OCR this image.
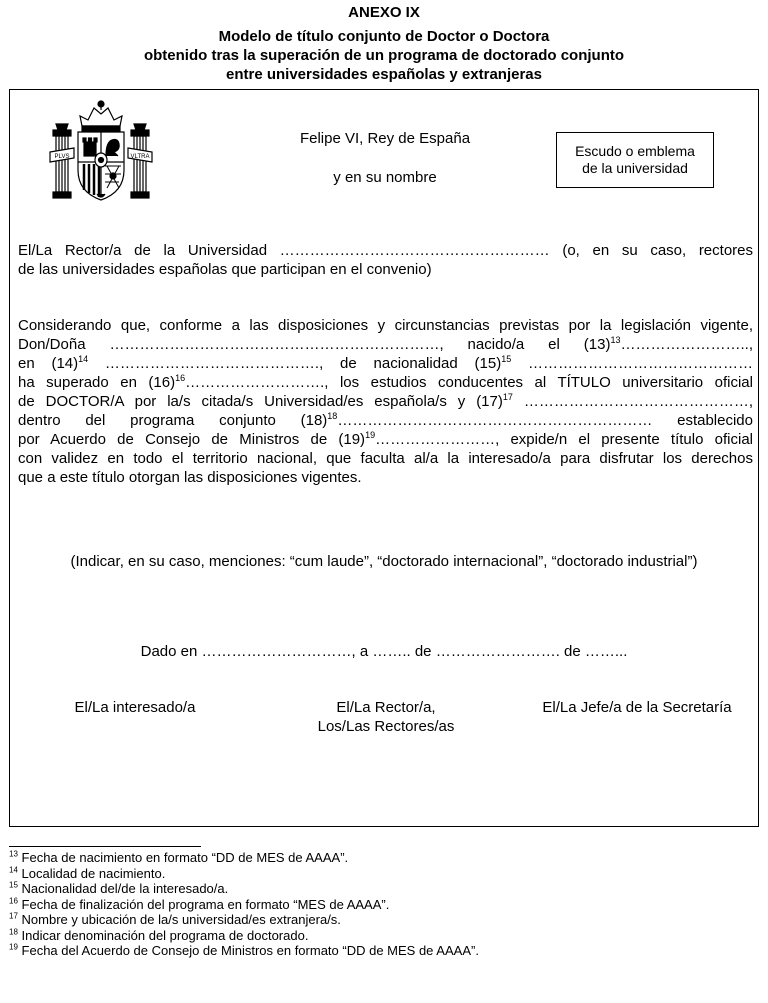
ANEXO IX
Modelo de título conjunto de Doctor o Doctora
obtenido tras la superación de un programa de doctorado conjunto
entre universidades españolas y extranjeras
PLVS	VLTRA
Felipe VI, Rey de España
y en su nombre
Escudo o emblema
de la universidad
El/La Rector/a de la Universidad ……………………………………………… (o, en su caso, rectores
de las universidades españolas que participan en el convenio)
Considerando que, conforme a las disposiciones y circunstancias previstas por la legislación vigente,
Don/Doña …………………………………………………………, nacido/a el $(13)^{13}\dots\dots\dots\dots\dots\dots\dots\dots$..,
en $(14)^{14}$ ……………………………………., de nacionalidad $(15)^{15}$ ………………………………………
ha superado en $(16)^{16}\dots\dots\dots\dots\dots\dots\dots\dots\dots$., los estudios conducentes al TÍTULO universitario oficial
de DOCTOR/A por la/s citada/s Universidad/es española/s y $(17)^{17}$ ………………………………………,
dentro del programa conjunto $(18)^{18}\dots\dots\dots\dots\dots\dots\dots\dots\dots\dots\dots\dots\dots\dots\dots\dots\dots\dots\dots\dots\dots$ establecido
por Acuerdo de Consejo de Ministros de $(19)^{19}\dots\dots\dots\dots\dots\dots\dots\dots$, expide/n el presente título oficial
con validez en todo el territorio nacional, que faculta al/a la interesado/a para disfrutar los derechos
que a este título otorgan las disposiciones vigentes.
(Indicar, en su caso, menciones: “cum laude”, “doctorado internacional”, “doctorado industrial”)
Dado en …………………………, a …….. de ……………………. de ……...
El/La interesado/a	El/La Rector/a,
Los/Las Rectores/as
El/La Jefe/a de la Secretaría
$^{13}$ Fecha de nacimiento en formato “DD de MES de AAAA”.
$^{14}$ Localidad de nacimiento.
$^{15}$ Nacionalidad del/de la interesado/a.
$^{16}$ Fecha de finalización del programa en formato “MES de AAAA”.
$^{17}$ Nombre y ubicación de la/s universidad/es extranjera/s.
$^{18}$ Indicar denominación del programa de doctorado.
$^{19}$ Fecha del Acuerdo de Consejo de Ministros en formato “DD de MES de AAAA”.
